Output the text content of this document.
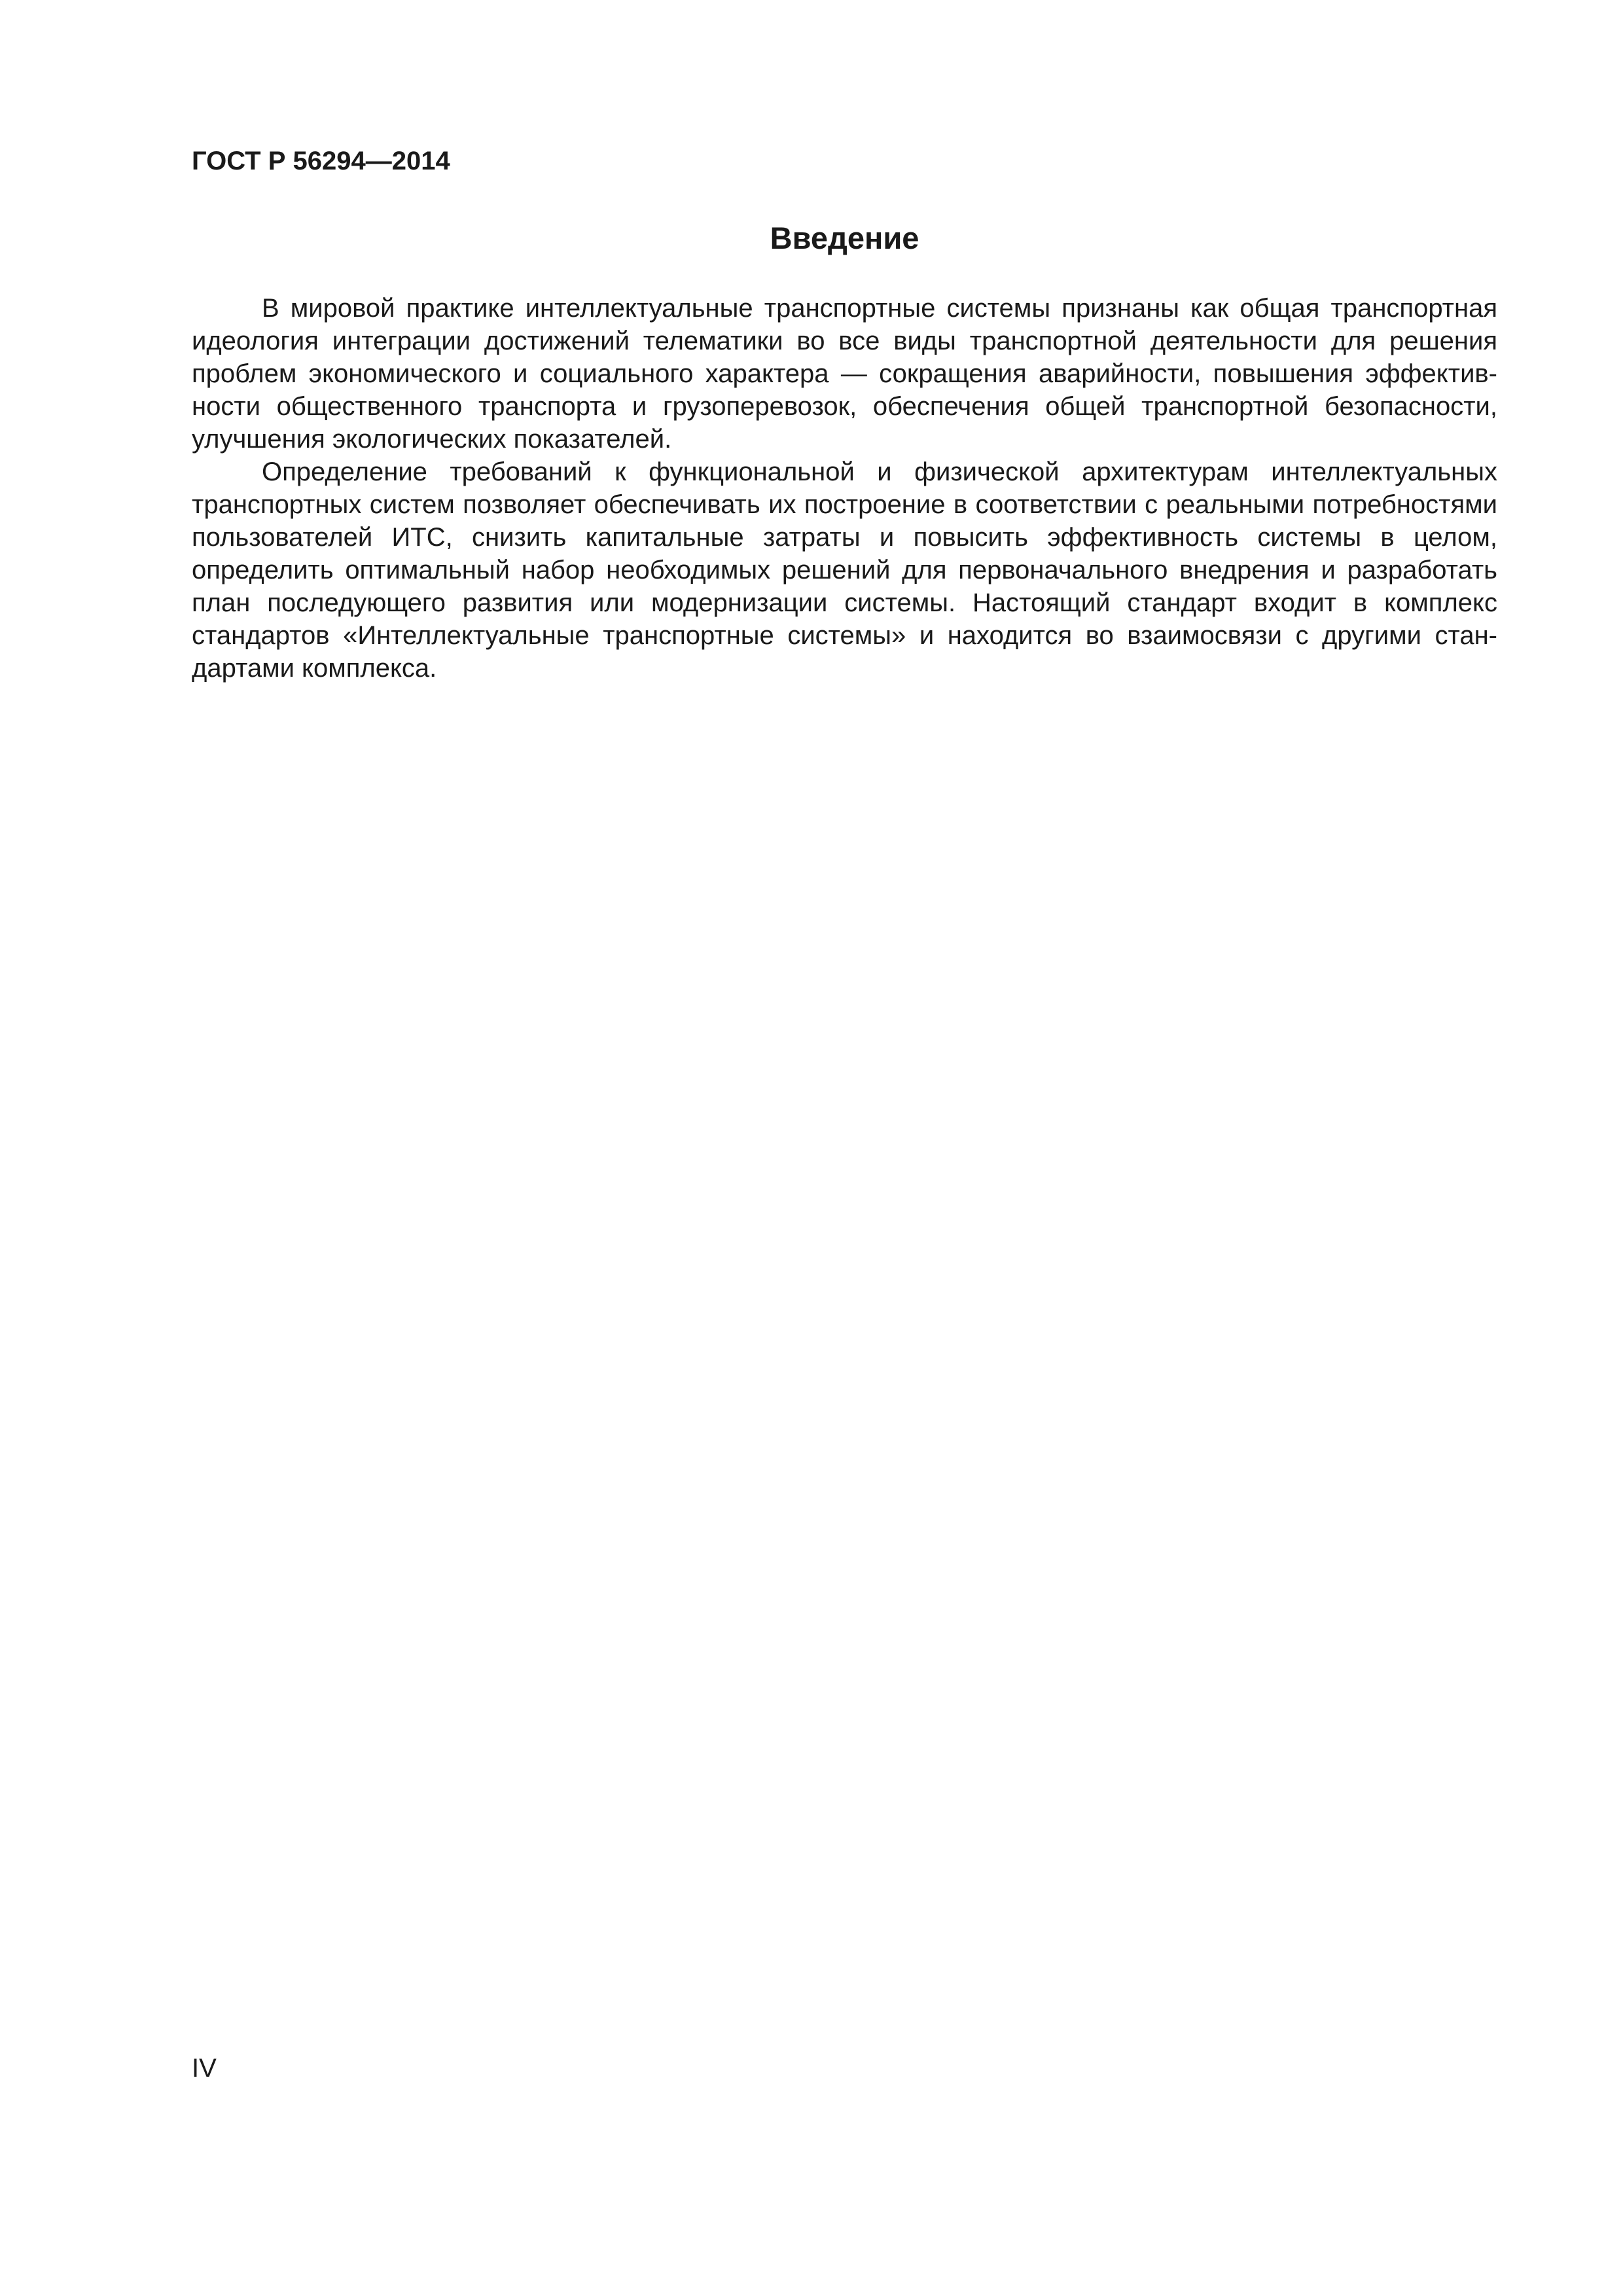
ГОСТ Р 56294—2014
Введение

В мировой практике интеллектуальные транспортные системы признаны как общая транспортная идеология интеграции достижений телематики во все виды транспортной деятельности для решения проблем экономического и социального характера — сокращения аварийности, повышения эффективности общественного транспорта и грузоперевозок, обеспечения общей транспортной безопасности, улучшения экологических показателей.

Определение требований к функциональной и физической архитектурам интеллектуальных транспортных систем позволяет обеспечивать их построение в соответствии с реальными потребностями пользователей ИТС, снизить капитальные затраты и повысить эффективность системы в целом, определить оптимальный набор необходимых решений для первоначального внедрения и разработать план последующего развития или модернизации системы. Настоящий стандарт входит в комплекс стандартов «Интеллектуальные транспортные системы» и находится во взаимосвязи с другими стандартами комплекса.

IV
